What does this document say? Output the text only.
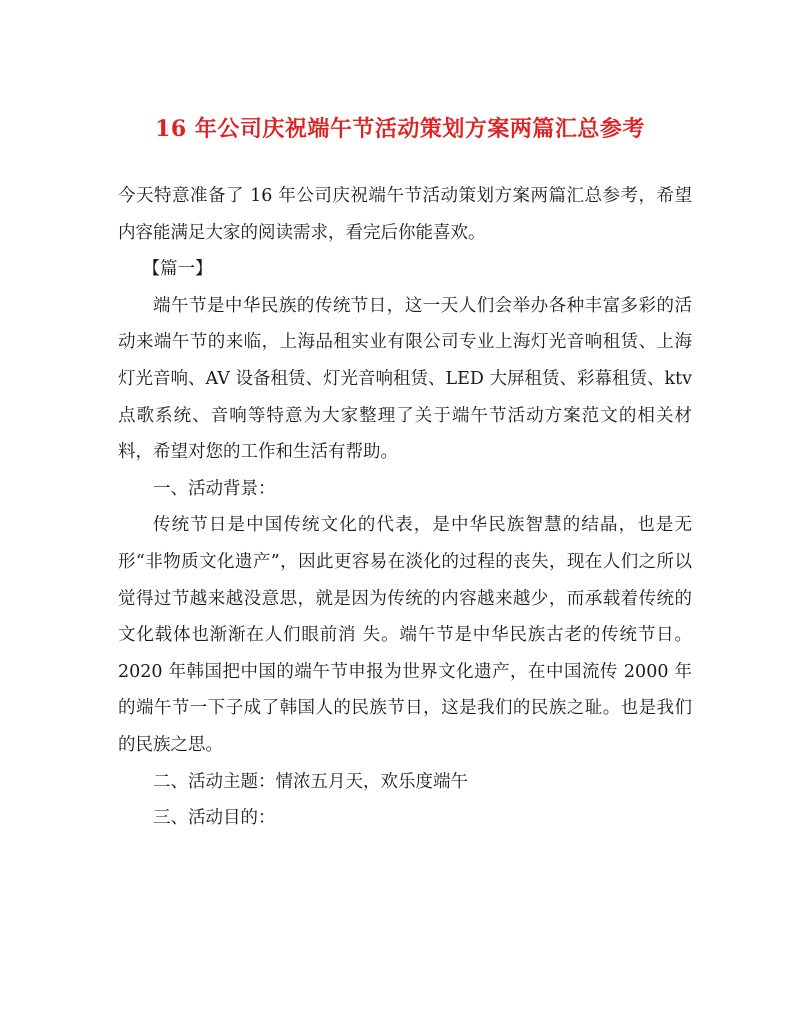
16 年公司庆祝端午节活动策划方案两篇汇总参考

今天特意准备了 16 年公司庆祝端午节活动策划方案两篇汇总参考，希望内容能满足大家的阅读需求，看完后你能喜欢。

【篇一】

端午节是中华民族的传统节日，这一天人们会举办各种丰富多彩的活动来端午节的来临，上海品租实业有限公司专业上海灯光音响租赁、上海灯光音响、AV 设备租赁、灯光音响租赁、LED 大屏租赁、彩幕租赁、ktv 点歌系统、音响等特意为大家整理了关于端午节活动方案范文的相关材料，希望对您的工作和生活有帮助。

一、活动背景：

传统节日是中国传统文化的代表，是中华民族智慧的结晶，也是无形“非物质文化遗产”，因此更容易在淡化的过程的丧失，现在人们之所以觉得过节越来越没意思，就是因为传统的内容越来越少，而承载着传统的文化载体也渐渐在人们眼前消 失。端午节是中华民族古老的传统节日。2020 年韩国把中国的端午节申报为世界文化遗产，在中国流传 2000 年的端午节一下子成了韩国人的民族节日，这是我们的民族之耻。也是我们的民族之思。

二、活动主题：情浓五月天，欢乐度端午

三、活动目的：
